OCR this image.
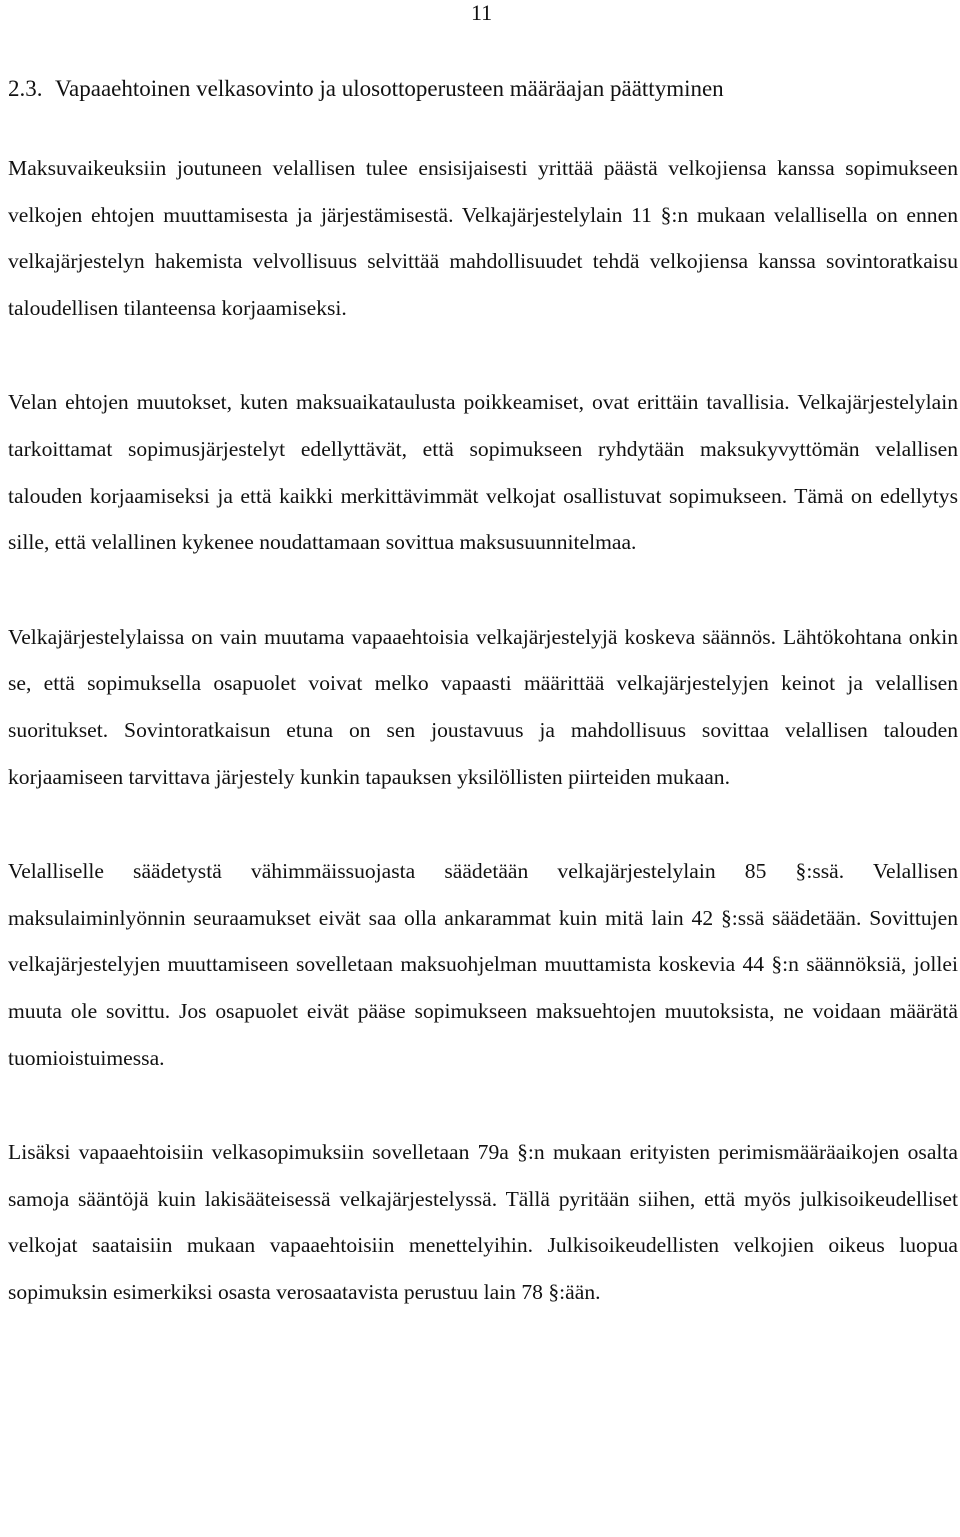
11
2.3. Vapaaehtoinen velkasovinto ja ulosottoperusteen määräajan päättyminen

Maksuvaikeuksiin joutuneen velallisen tulee ensisijaisesti yrittää päästä velkojiensa kanssa sopimukseen velkojen ehtojen muuttamisesta ja järjestämisestä. Velkajärjestelylain 11 §:n mukaan velallisella on ennen velkajärjestelyn hakemista velvollisuus selvittää mahdollisuudet tehdä velkojiensa kanssa sovintoratkaisu taloudellisen tilanteensa korjaamiseksi.

Velan ehtojen muutokset, kuten maksuaikataulusta poikkeamiset, ovat erittäin tavallisia. Velkajärjestelylain tarkoittamat sopimusjärjestelyt edellyttävät, että sopimukseen ryhdytään maksukyvyttömän velallisen talouden korjaamiseksi ja että kaikki merkittävimmät velkojat osallistuvat sopimukseen. Tämä on edellytys sille, että velallinen kykenee noudattamaan sovittua maksusuunnitelmaa.

Velkajärjestelylaissa on vain muutama vapaaehtoisia velkajärjestelyjä koskeva säännös. Lähtökohtana onkin se, että sopimuksella osapuolet voivat melko vapaasti määrittää velkajärjestelyjen keinot ja velallisen suoritukset. Sovintoratkaisun etuna on sen joustavuus ja mahdollisuus sovittaa velallisen talouden korjaamiseen tarvittava järjestely kunkin tapauksen yksilöllisten piirteiden mukaan.

Velalliselle säädetystä vähimmäissuojasta säädetään velkajärjestelylain 85 §:ssä. Velallisen maksulaiminlyönnin seuraamukset eivät saa olla ankarammat kuin mitä lain 42 §:ssä säädetään. Sovittujen velkajärjestelyjen muuttamiseen sovelletaan maksuohjelman muuttamista koskevia 44 §:n säännöksiä, jollei muuta ole sovittu. Jos osapuolet eivät pääse sopimukseen maksuehtojen muutoksista, ne voidaan määrätä tuomioistuimessa.

Lisäksi vapaaehtoisiin velkasopimuksiin sovelletaan 79a §:n mukaan erityisten perimismääräaikojen osalta samoja sääntöjä kuin lakisääteisessä velkajärjestelyssä. Tällä pyritään siihen, että myös julkisoikeudelliset velkojat saataisiin mukaan vapaaehtoisiin menettelyihin. Julkisoikeudellisten velkojien oikeus luopua sopimuksin esimerkiksi osasta verosaatavista perustuu lain 78 §:ään.
